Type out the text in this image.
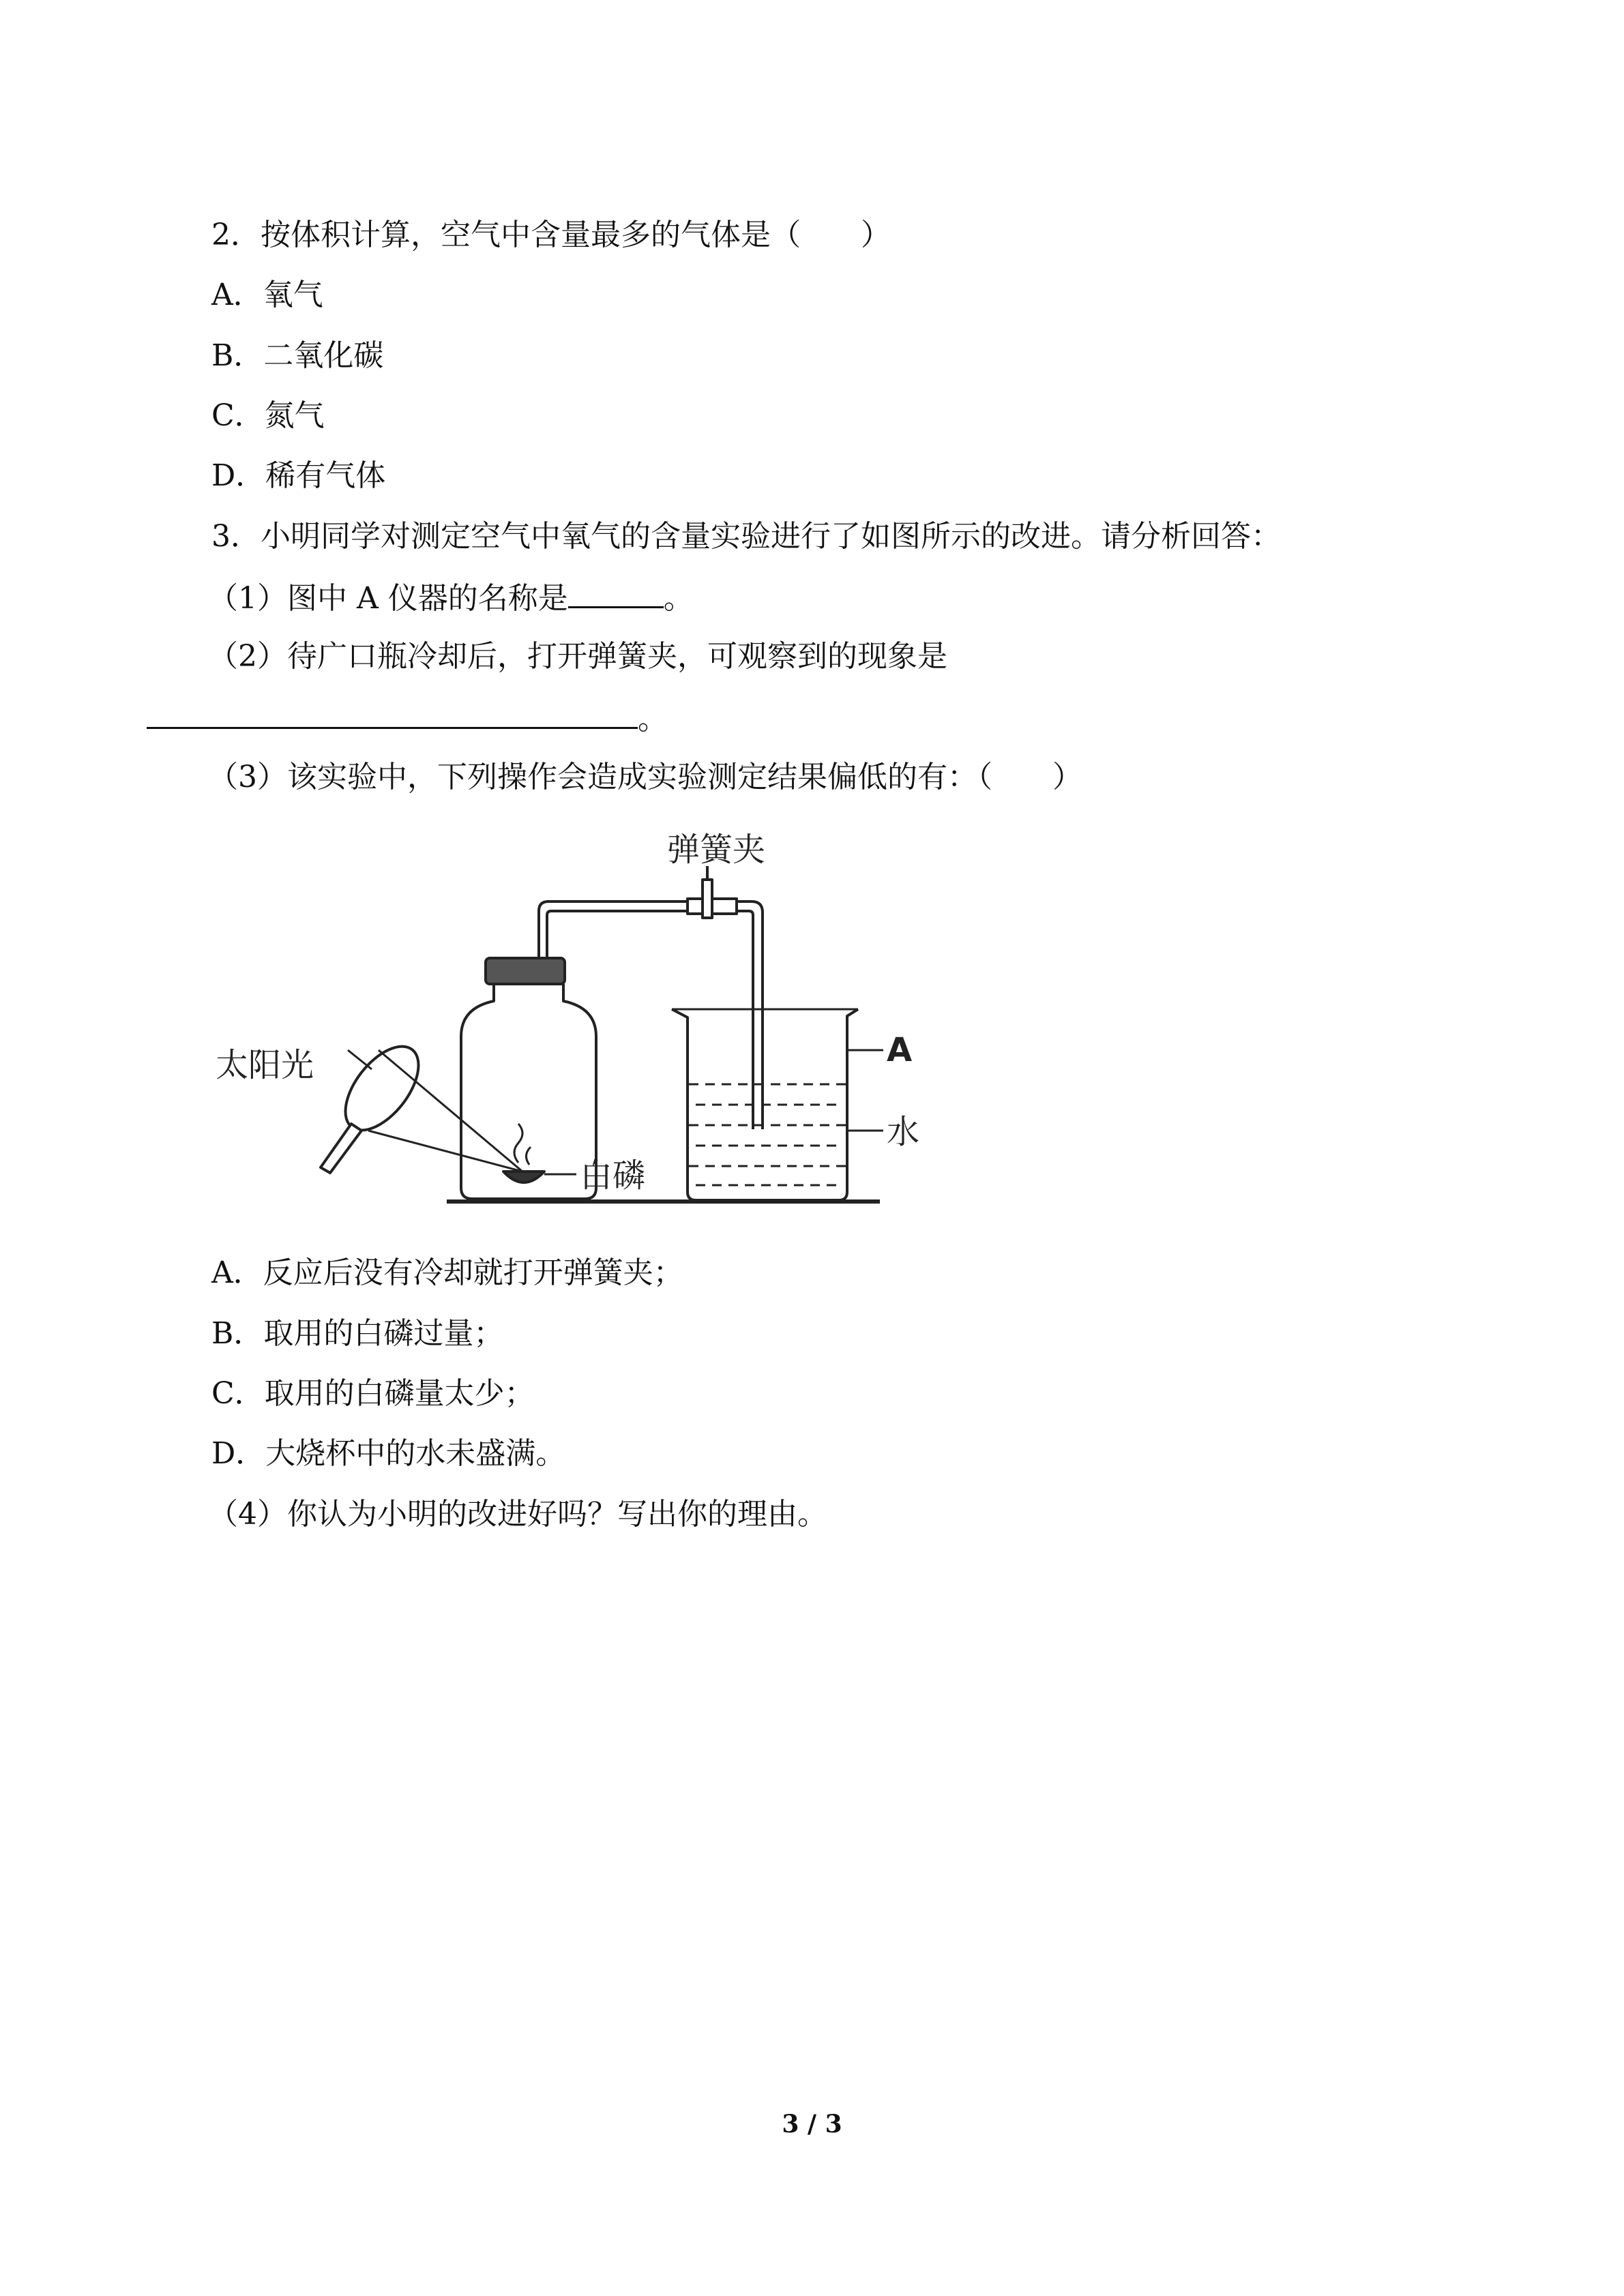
2．按体积计算，空气中含量最多的气体是（　　）
A．氧气
B．二氧化碳
C．氮气
D．稀有气体
3．小明同学对测定空气中氧气的含量实验进行了如图所示的改进。请分析回答：
（1）图中 A 仪器的名称是	。
（2）待广口瓶冷却后，打开弹簧夹，可观察到的现象是
。
（3）该实验中，下列操作会造成实验测定结果偏低的有：（　　）
弹簧夹
太阳光
白磷
A
水
A．反应后没有冷却就打开弹簧夹；
B．取用的白磷过量；
C．取用的白磷量太少；
D．大烧杯中的水未盛满。
（4）你认为小明的改进好吗？写出你的理由。
3 / 3
